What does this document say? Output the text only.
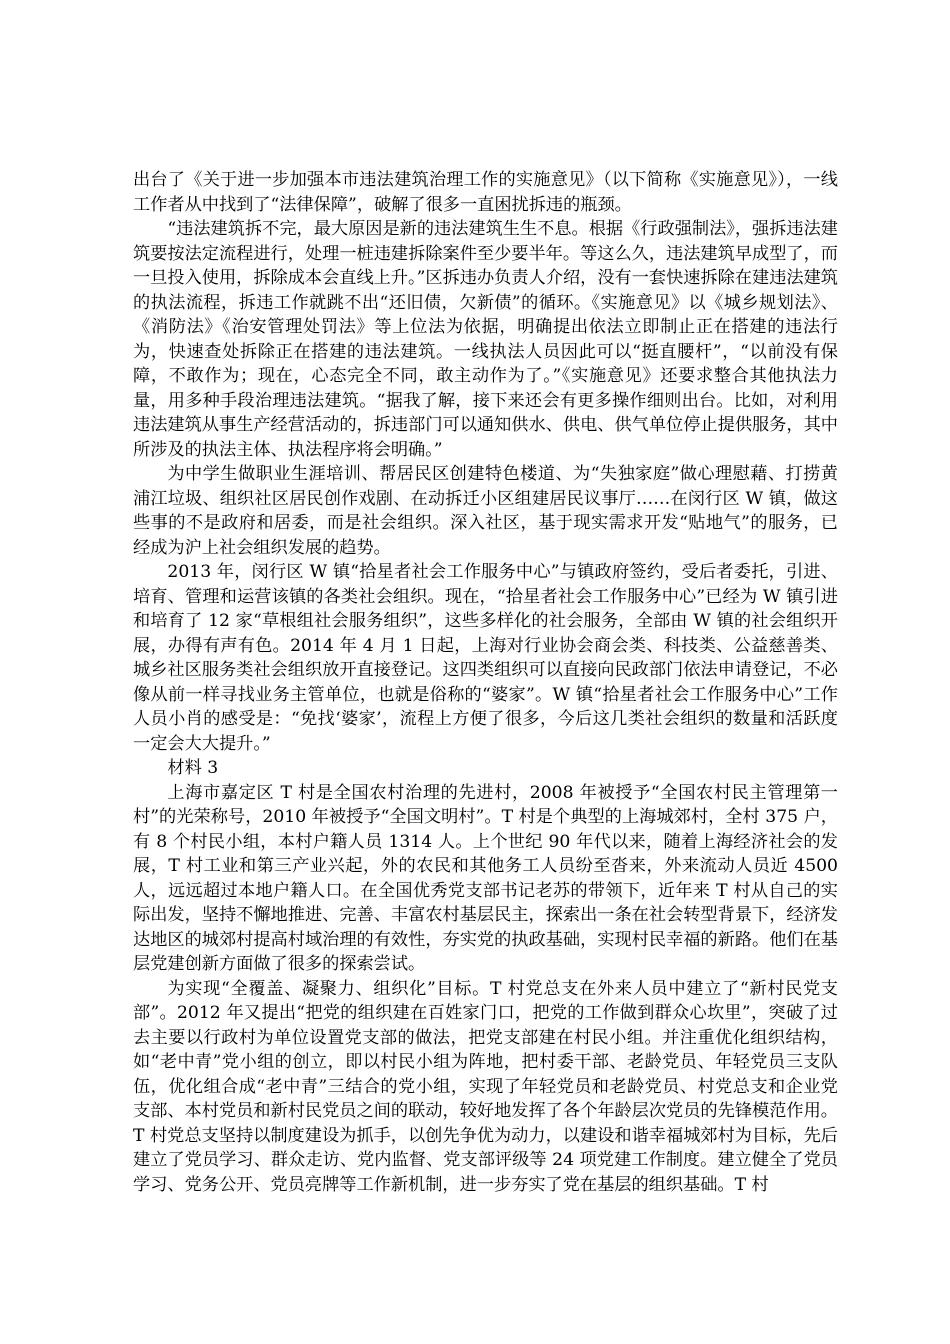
出台了《关于进一步加强本市违法建筑治理工作的实施意见》（以下简称《实施意见》），一线工作者从中找到了“法律保障”，破解了很多一直困扰拆违的瓶颈。

“违法建筑拆不完，最大原因是新的违法建筑生生不息。根据《行政强制法》，强拆违法建筑要按法定流程进行，处理一桩违建拆除案件至少要半年。等这么久，违法建筑早成型了，而一旦投入使用，拆除成本会直线上升。”区拆违办负责人介绍，没有一套快速拆除在建违法建筑的执法流程，拆违工作就跳不出“还旧债，欠新债”的循环。《实施意见》以《城乡规划法》、《消防法》《治安管理处罚法》等上位法为依据，明确提出依法立即制止正在搭建的违法行为，快速查处拆除正在搭建的违法建筑。一线执法人员因此可以“挺直腰杆”，“以前没有保障，不敢作为；现在，心态完全不同，敢主动作为了。”《实施意见》还要求整合其他执法力量，用多种手段治理违法建筑。“据我了解，接下来还会有更多操作细则出台。比如，对利用违法建筑从事生产经营活动的，拆违部门可以通知供水、供电、供气单位停止提供服务，其中所涉及的执法主体、执法程序将会明确。”

为中学生做职业生涯培训、帮居民区创建特色楼道、为“失独家庭”做心理慰藉、打捞黄浦江垃圾、组织社区居民创作戏剧、在动拆迁小区组建居民议事厅……在闵行区 W 镇，做这些事的不是政府和居委，而是社会组织。深入社区，基于现实需求开发“贴地气”的服务，已经成为沪上社会组织发展的趋势。

2013 年，闵行区 W 镇“拾星者社会工作服务中心”与镇政府签约，受后者委托，引进、培育、管理和运营该镇的各类社会组织。现在，“拾星者社会工作服务中心”已经为 W 镇引进和培育了 12 家“草根组社会服务组织”，这些多样化的社会服务，全部由 W 镇的社会组织开展，办得有声有色。2014 年 4 月 1 日起，上海对行业协会商会类、科技类、公益慈善类、城乡社区服务类社会组织放开直接登记。这四类组织可以直接向民政部门依法申请登记，不必像从前一样寻找业务主管单位，也就是俗称的“婆家”。W 镇“拾星者社会工作服务中心”工作人员小肖的感受是：“免找‘婆家’，流程上方便了很多，今后这几类社会组织的数量和活跃度一定会大大提升。”

材料 3

上海市嘉定区 T 村是全国农村治理的先进村，2008 年被授予“全国农村民主管理第一村”的光荣称号，2010 年被授予“全国文明村”。T 村是个典型的上海城郊村，全村 375 户，有 8 个村民小组，本村户籍人员 1314 人。上个世纪 90 年代以来，随着上海经济社会的发展，T 村工业和第三产业兴起，外的农民和其他务工人员纷至沓来，外来流动人员近 4500 人，远远超过本地户籍人口。在全国优秀党支部书记老苏的带领下，近年来 T 村从自己的实际出发，坚持不懈地推进、完善、丰富农村基层民主，探索出一条在社会转型背景下，经济发达地区的城郊村提高村域治理的有效性，夯实党的执政基础，实现村民幸福的新路。他们在基层党建创新方面做了很多的探索尝试。

为实现“全覆盖、凝聚力、组织化”目标。T 村党总支在外来人员中建立了“新村民党支部”。2012 年又提出“把党的组织建在百姓家门口，把党的工作做到群众心坎里”，突破了过去主要以行政村为单位设置党支部的做法，把党支部建在村民小组。并注重优化组织结构，如“老中青”党小组的创立，即以村民小组为阵地，把村委干部、老龄党员、年轻党员三支队伍，优化组合成“老中青”三结合的党小组，实现了年轻党员和老龄党员、村党总支和企业党支部、本村党员和新村民党员之间的联动，较好地发挥了各个年龄层次党员的先锋模范作用。T 村党总支坚持以制度建设为抓手，以创先争优为动力，以建设和谐幸福城郊村为目标，先后建立了党员学习、群众走访、党内监督、党支部评级等 24 项党建工作制度。建立健全了党员学习、党务公开、党员亮牌等工作新机制，进一步夯实了党在基层的组织基础。T 村
